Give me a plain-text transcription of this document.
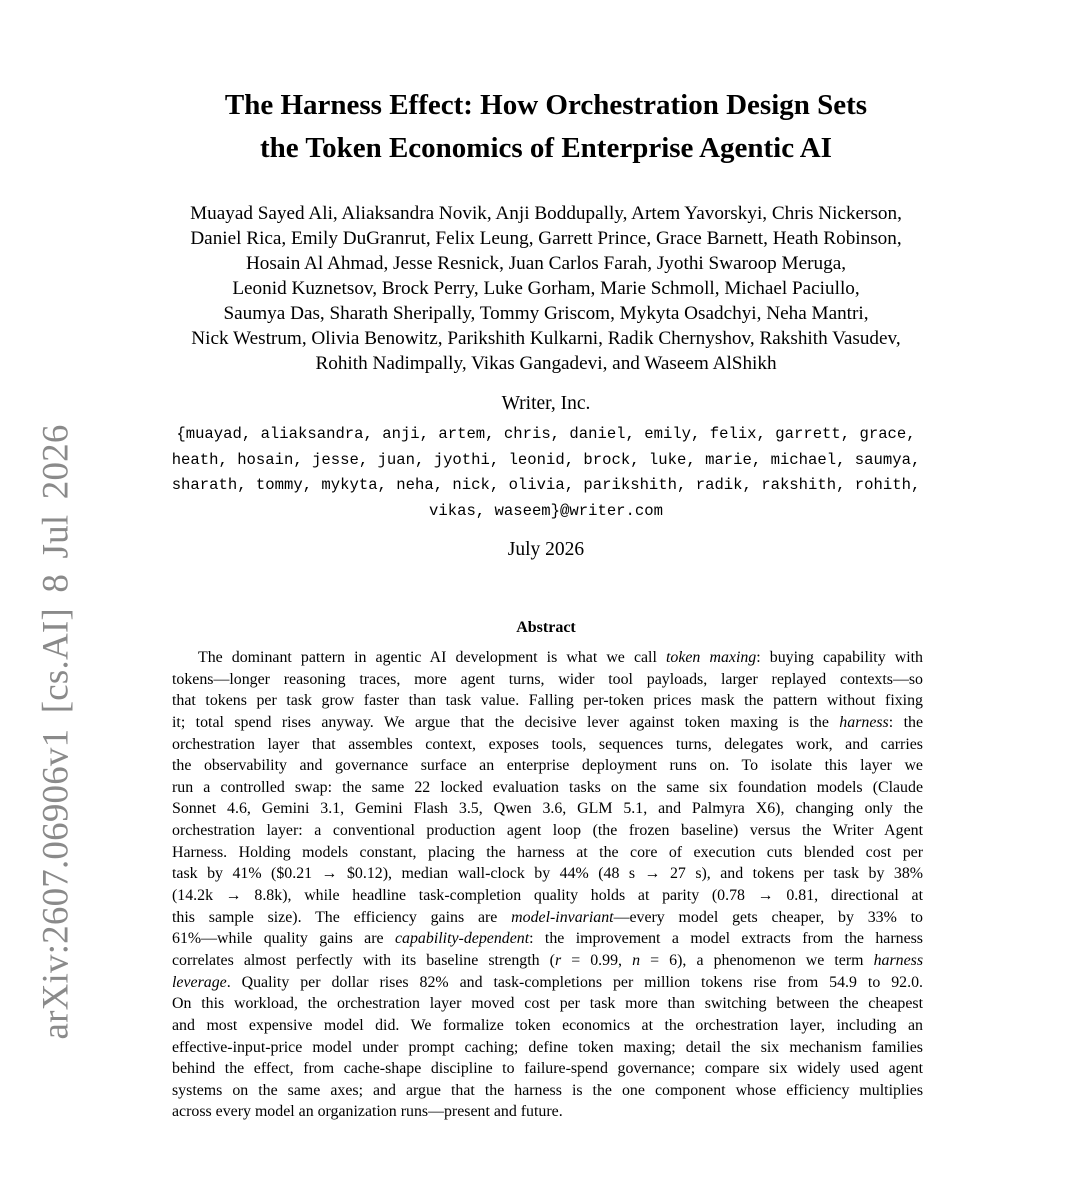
arXiv:2607.06906v1 [cs.AI] 8 Jul 2026
The Harness Effect: How Orchestration Design Sets
the Token Economics of Enterprise Agentic AI
Muayad Sayed Ali, Aliaksandra Novik, Anji Boddupally, Artem Yavorskyi, Chris Nickerson,
Daniel Rica, Emily DuGranrut, Felix Leung, Garrett Prince, Grace Barnett, Heath Robinson,
Hosain Al Ahmad, Jesse Resnick, Juan Carlos Farah, Jyothi Swaroop Meruga,
Leonid Kuznetsov, Brock Perry, Luke Gorham, Marie Schmoll, Michael Paciullo,
Saumya Das, Sharath Sheripally, Tommy Griscom, Mykyta Osadchyi, Neha Mantri,
Nick Westrum, Olivia Benowitz, Parikshith Kulkarni, Radik Chernyshov, Rakshith Vasudev,
Rohith Nadimpally, Vikas Gangadevi, and Waseem AlShikh
Writer, Inc.
{muayad, aliaksandra, anji, artem, chris, daniel, emily, felix, garrett, grace,
heath, hosain, jesse, juan, jyothi, leonid, brock, luke, marie, michael, saumya,
sharath, tommy, mykyta, neha, nick, olivia, parikshith, radik, rakshith, rohith,
vikas, waseem}@writer.com
July 2026
Abstract
The dominant pattern in agentic AI development is what we call token maxing: buying capability with
tokens—longer reasoning traces, more agent turns, wider tool payloads, larger replayed contexts—so
that tokens per task grow faster than task value. Falling per-token prices mask the pattern without fixing
it; total spend rises anyway. We argue that the decisive lever against token maxing is the harness: the
orchestration layer that assembles context, exposes tools, sequences turns, delegates work, and carries
the observability and governance surface an enterprise deployment runs on. To isolate this layer we
run a controlled swap: the same 22 locked evaluation tasks on the same six foundation models (Claude
Sonnet 4.6, Gemini 3.1, Gemini Flash 3.5, Qwen 3.6, GLM 5.1, and Palmyra X6), changing only the
orchestration layer: a conventional production agent loop (the frozen baseline) versus the Writer Agent
Harness. Holding models constant, placing the harness at the core of execution cuts blended cost per
task by 41% ($0.21 → $0.12), median wall-clock by 44% (48 s → 27 s), and tokens per task by 38%
(14.2k → 8.8k), while headline task-completion quality holds at parity (0.78 → 0.81, directional at
this sample size). The efficiency gains are model-invariant—every model gets cheaper, by 33% to
61%—while quality gains are capability-dependent: the improvement a model extracts from the harness
correlates almost perfectly with its baseline strength (r = 0.99, n = 6), a phenomenon we term harness
leverage. Quality per dollar rises 82% and task-completions per million tokens rise from 54.9 to 92.0.
On this workload, the orchestration layer moved cost per task more than switching between the cheapest
and most expensive model did. We formalize token economics at the orchestration layer, including an
effective-input-price model under prompt caching; define token maxing; detail the six mechanism families
behind the effect, from cache-shape discipline to failure-spend governance; compare six widely used agent
systems on the same axes; and argue that the harness is the one component whose efficiency multiplies
across every model an organization runs—present and future.
